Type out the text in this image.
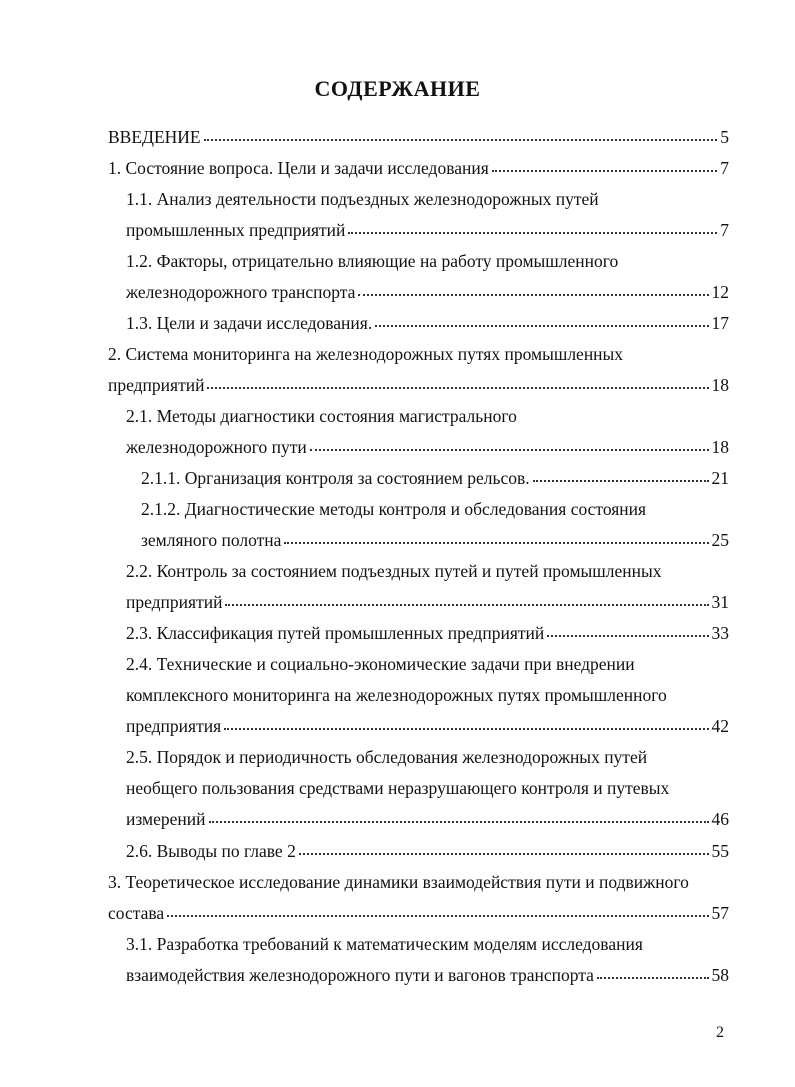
СОДЕРЖАНИЕ
ВВЕДЕНИЕ	5
1. Состояние вопроса. Цели и задачи исследования	7
1.1. Анализ деятельности подъездных железнодорожных путей
промышленных предприятий	7
1.2. Факторы, отрицательно влияющие на работу промышленного
железнодорожного транспорта	12
1.3. Цели и задачи исследования.	17
2. Система мониторинга на железнодорожных путях промышленных
предприятий	18
2.1. Методы диагностики состояния магистрального
железнодорожного пути	18
2.1.1. Организация контроля за состоянием рельсов.	21
2.1.2. Диагностические методы контроля и обследования состояния
земляного полотна	25
2.2. Контроль за состоянием подъездных путей и путей промышленных
предприятий	31
2.3. Классификация путей промышленных предприятий	33
2.4. Технические и социально-экономические задачи при внедрении
комплексного мониторинга на железнодорожных путях промышленного
предприятия	42
2.5. Порядок и периодичность обследования железнодорожных путей
необщего пользования средствами неразрушающего контроля и путевых
измерений	46
2.6. Выводы по главе 2	55
3. Теоретическое исследование динамики взаимодействия пути и подвижного
состава	57
3.1. Разработка требований к математическим моделям исследования
взаимодействия железнодорожного пути и вагонов транспорта	58
2
